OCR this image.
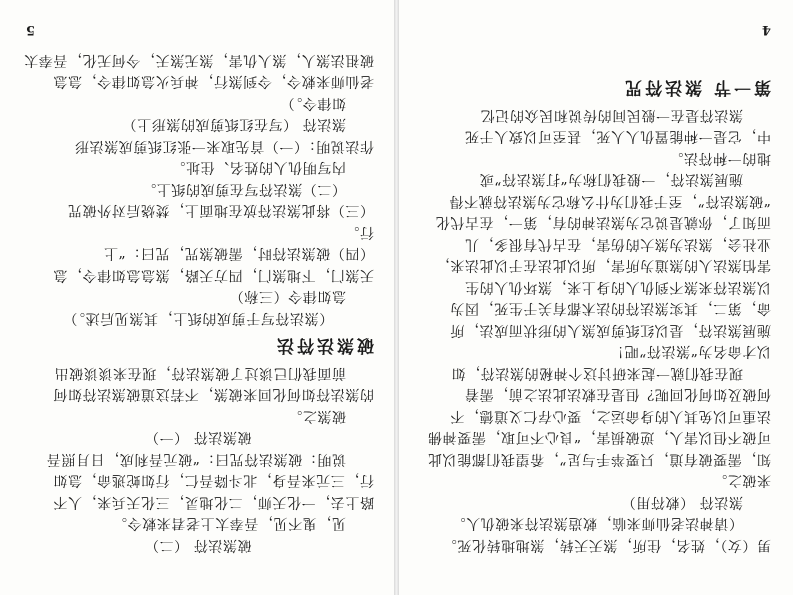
5
破煞法符 （二）
见，鬼不见，吾奉太上老君来敕令。
路上去，一化天师，二化地灵，三化天兵来，人不
行，三元来吾身，北斗降吾仁，行如蛇逃命，急如
说明：破煞法符咒曰：“破元吾利成，日月照吾
破煞法符 （一）
破煞之。
的煞法符如何化回来破煞，不若这道破煞法符如何
前面我们已谈过了破煞法符，现在来谈谈破出
破煞法符法
（煞法符写于剪成的纸上，其煞见后述。）
急如律令（三称）
天煞门，下地煞门，四方天路，煞急急如律令，急
（四）破煞法符时，需破煞咒，咒曰：“上
行。
（三）将此煞法符放在地面上，焚烧后对外破咒
（二）煞法符写在剪成的纸上。
内写明仇人的姓名、住址。
作法说明：（一）首先取来一张红纸剪成煞法形
煞法符 （写在红纸剪成的煞形上）
如律令。）
老仙师来敕令，令到煞行，神兵火急如律令，急急
破祖法煞人，煞人仇害，煞无煞天，今何无化，吾奉太
4
男（女），姓名，住所，煞天天转，煞地地转化死。
（请神法老仙师来临，敕造煞法符来破仇人。
煞法符 （敕符用）
来破之。
知，需要破有道，只要举手与足”，希望我们都能以此
可破不但以害人，逆破损害，“良心不可取，需要神佛
法重可以免其人的身命运之，要心存仁义道德，不
何破及如何化回呢？但是在敕法此法之前，需着
现在我们就一起来研讨这个神秘的煞法符，如
以才命名为“煞法符”吧！
施展煞法符，是以红纸剪成煞人的形状而成法，所
命，第二，其实煞法符的法术都有关于生死，因为
以煞法符来煞不到仇人的身上来，煞坏仇人的生
害怕煞法人的煞道为所害，所以此法在于以此法来，
业社会，煞法为煞大的伤害，在古代有很多，儿
而知了，你就是说它为煞法神的有，第一，在古代化
“破煞法符”，至于我们为什么称它为煞法符就不得
施展煞法符，一般我们称为“打煞法符”或
地的一种符法。
中，它是一种能置仇人人死，甚至可以致人于死
煞法符是在一般民间的传说和民众的记忆
第一节 煞法符咒
